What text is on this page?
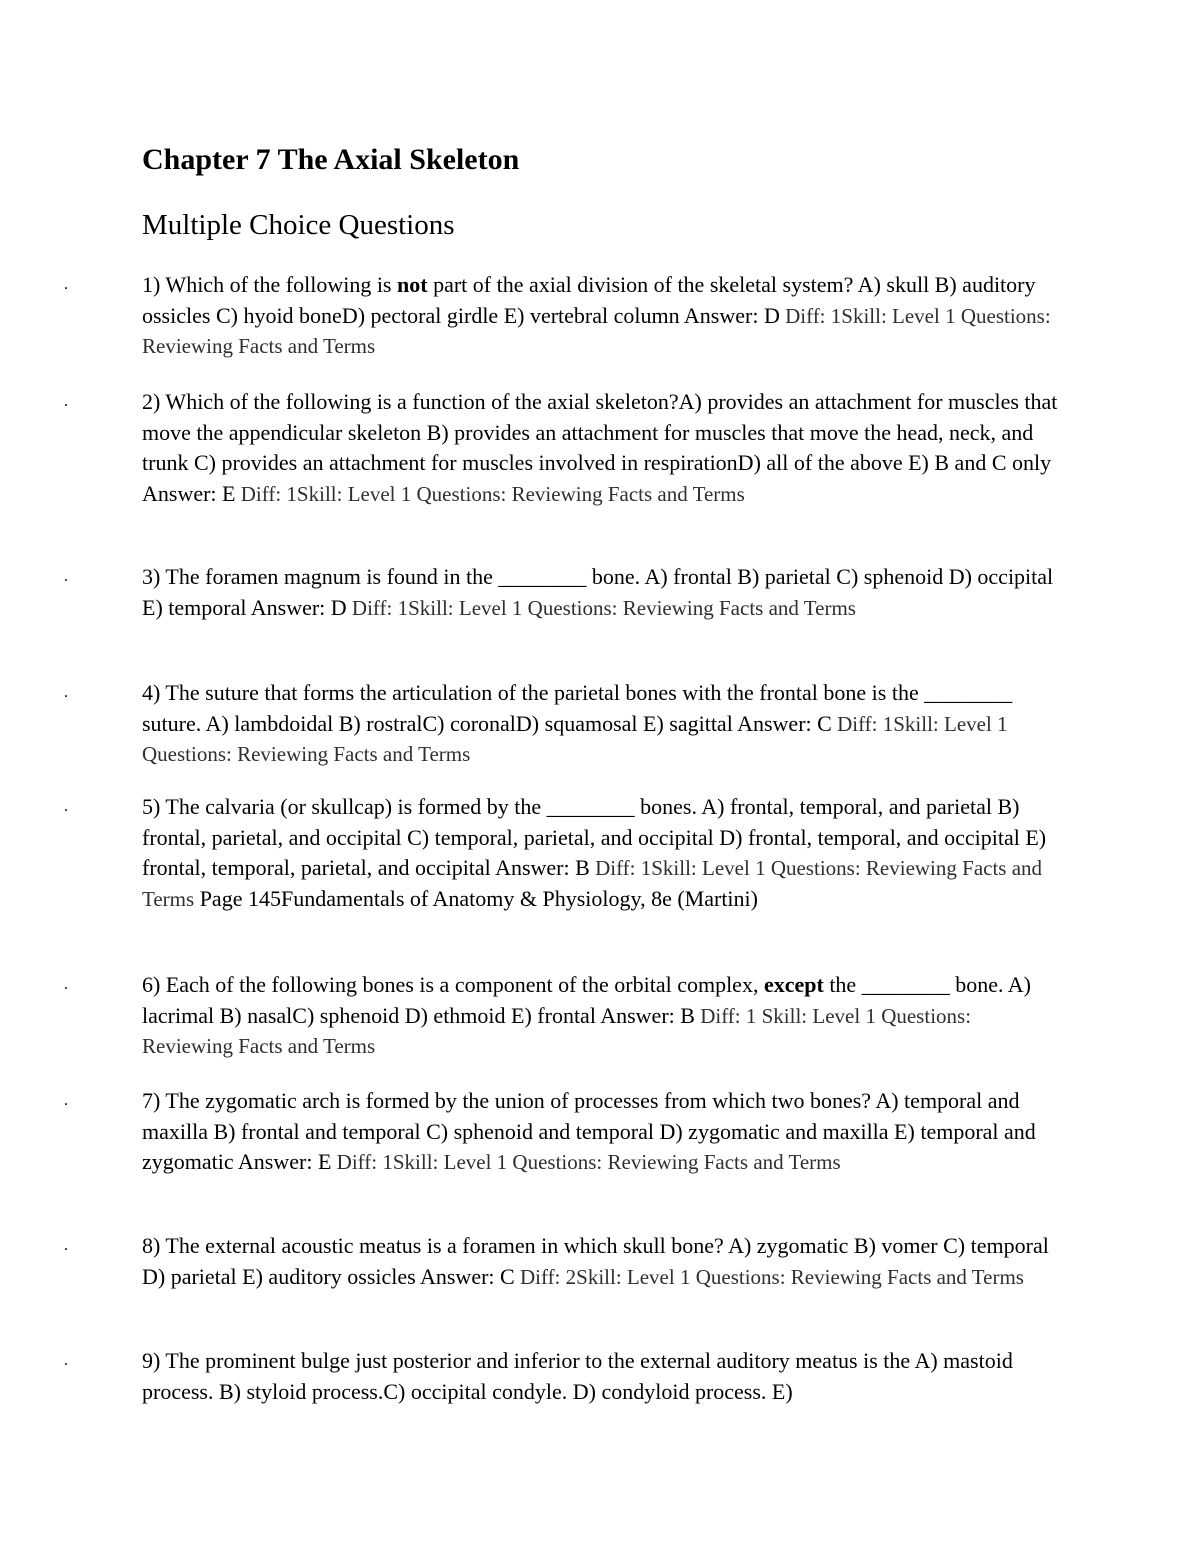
Chapter 7 The Axial Skeleton
Multiple Choice Questions
.	1) Which of the following is not part of the axial division of the skeletal system? A) skull B) auditory ossicles C) hyoid boneD) pectoral girdle E) vertebral column Answer: D Diff: 1Skill: Level 1 Questions: Reviewing Facts and Terms
.	2) Which of the following is a function of the axial skeleton?A) provides an attachment for muscles that move the appendicular skeleton B) provides an attachment for muscles that move the head, neck, and trunk C) provides an attachment for muscles involved in respirationD) all of the above E) B and C only Answer: E Diff: 1Skill: Level 1 Questions: Reviewing Facts and Terms
.	3) The foramen magnum is found in the ________ bone. A) frontal B) parietal C) sphenoid D) occipital E) temporal Answer: D Diff: 1Skill: Level 1 Questions: Reviewing Facts and Terms
.	4) The suture that forms the articulation of the parietal bones with the frontal bone is the ________ suture. A) lambdoidal B) rostralC) coronalD) squamosal E) sagittal Answer: C Diff: 1Skill: Level 1 Questions: Reviewing Facts and Terms
.	5) The calvaria (or skullcap) is formed by the ________ bones. A) frontal, temporal, and parietal B) frontal, parietal, and occipital C) temporal, parietal, and occipital D) frontal, temporal, and occipital E) frontal, temporal, parietal, and occipital Answer: B Diff: 1Skill: Level 1 Questions: Reviewing Facts and Terms Page 145Fundamentals of Anatomy & Physiology, 8e (Martini)
.	6) Each of the following bones is a component of the orbital complex, except the ________ bone. A) lacrimal B) nasalC) sphenoid D) ethmoid E) frontal Answer: B Diff: 1 Skill: Level 1 Questions: Reviewing Facts and Terms
.	7) The zygomatic arch is formed by the union of processes from which two bones? A) temporal and maxilla B) frontal and temporal C) sphenoid and temporal D) zygomatic and maxilla E) temporal and zygomatic Answer: E Diff: 1Skill: Level 1 Questions: Reviewing Facts and Terms
.	8) The external acoustic meatus is a foramen in which skull bone? A) zygomatic B) vomer C) temporal D) parietal E) auditory ossicles Answer: C Diff: 2Skill: Level 1 Questions: Reviewing Facts and Terms
.	9) The prominent bulge just posterior and inferior to the external auditory meatus is the A) mastoid process. B) styloid process.C) occipital condyle. D) condyloid process. E)
